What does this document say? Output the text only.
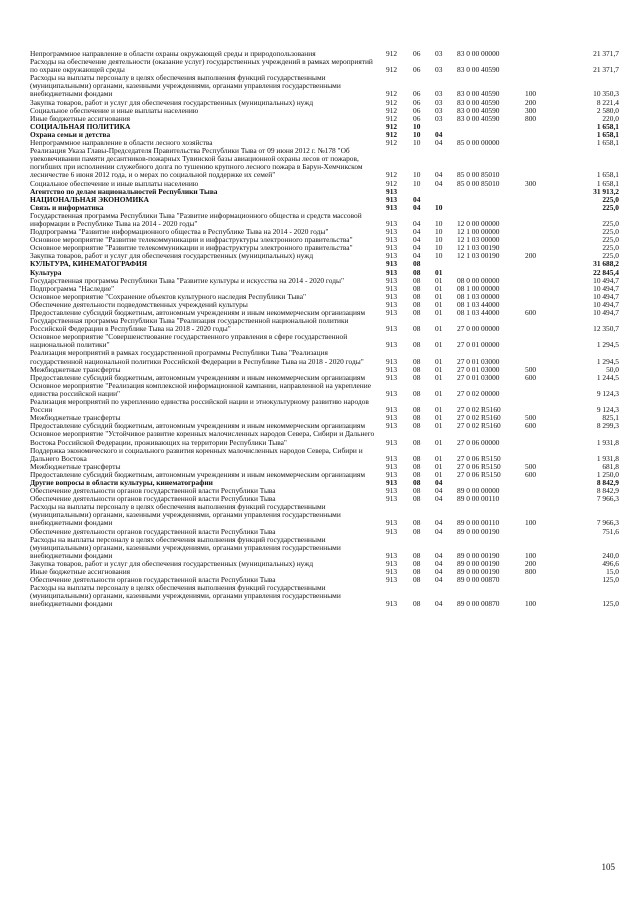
Непрограммное направление в области охраны окружающей среды и природопользования	912	06	03	83 0 00 00000		21 371,7
Расходы на обеспечение деятельности (оказание услуг) государственных учреждений в рамках мероприятий по охране окружающей среды	912	06	03	83 0 00 40590		21 371,7
Расходы на выплаты персоналу в целях обеспечения выполнения функций государственными (муниципальными) органами, казенными учреждениями, органами управления государственными внебюджетными фондами	912	06	03	83 0 00 40590	100	10 350,3
Закупка товаров, работ и услуг для обеспечения государственных (муниципальных) нужд	912	06	03	83 0 00 40590	200	8 221,4
Социальное обеспечение и иные выплаты населению	912	06	03	83 0 00 40590	300	2 580,0
Иные бюджетные ассигнования	912	06	03	83 0 00 40590	800	220,0
СОЦИАЛЬНАЯ ПОЛИТИКА	912	10				1 658,1
Охрана семьи и детства	912	10	04			1 658,1
Непрограммное направление в области лесного хозяйства	912	10	04	85 0 00 00000		1 658,1
Реализация Указа Главы-Председателя Правительства Республики Тыва от 09 июня 2012 г. №178 "Об увековечивании памяти десантников-пожарных Тувинской базы авиационной охраны лесов от пожаров, погибших при исполнении служебного долга по тушению крупного лесного пожара в Барун-Хемчикском лесничестве 6 июня 2012 года, и о мерах по социальной поддержке их семей"	912	10	04	85 0 00 85010		1 658,1
Социальное обеспечение и иные выплаты населению	912	10	04	85 0 00 85010	300	1 658,1
Агентство по делам национальностей Республики Тыва	913					31 913,2
НАЦИОНАЛЬНАЯ ЭКОНОМИКА	913	04				225,0
Связь и информатика	913	04	10			225,0
Государственная программа Республики Тыва "Развитие информационного общества и средств массовой информации в Республике Тыва на 2014 - 2020 годы"	913	04	10	12 0 00 00000		225,0
Подпрограмма "Развитие информационного общества в Республике Тыва на 2014 - 2020 годы"	913	04	10	12 1 00 00000		225,0
Основное мероприятие "Развитие телекоммуникации и инфраструктуры электронного правительства"	913	04	10	12 1 03 00000		225,0
Основное мероприятие "Развитие телекоммуникации и инфраструктуры электронного правительства"	913	04	10	12 1 03 00190		225,0
Закупка товаров, работ и услуг для обеспечения государственных (муниципальных) нужд	913	04	10	12 1 03 00190	200	225,0
КУЛЬТУРА, КИНЕМАТОГРАФИЯ	913	08				31 688,2
Культура	913	08	01			22 845,4
Государственная программа Республики Тыва "Развитие культуры и искусства на 2014 - 2020 годы"	913	08	01	08 0 00 00000		10 494,7
Подпрограмма "Наследие"	913	08	01	08 1 00 00000		10 494,7
Основное мероприятие "Сохранение объектов культурного наследия Республики Тыва"	913	08	01	08 1 03 00000		10 494,7
Обеспечение деятельности подведомственных учреждений культуры	913	08	01	08 1 03 44000		10 494,7
Предоставление субсидий бюджетным, автономным учреждениям и иным некоммерческим организациям	913	08	01	08 1 03 44000	600	10 494,7
Государственная программа Республики Тыва "Реализация государственной национальной политики Российской Федерации в Республике Тыва на 2018 - 2020 годы"	913	08	01	27 0 00 00000		12 350,7
Основное мероприятие "Совершенствование государственного управления в сфере государственной национальной политики"	913	08	01	27 0 01 00000		1 294,5
Реализация мероприятий в рамках государственной программы Республики Тыва "Реализация государственной национальной политики Российской Федерации в Республике Тыва на 2018 - 2020 годы"	913	08	01	27 0 01 03000		1 294,5
Межбюджетные трансферты	913	08	01	27 0 01 03000	500	50,0
Предоставление субсидий бюджетным, автономным учреждениям и иным некоммерческим организациям	913	08	01	27 0 01 03000	600	1 244,5
Основное мероприятие "Реализация комплексной информационной кампании, направленной на укрепление единства российской нации"	913	08	01	27 0 02 00000		9 124,3
Реализация мероприятий по укреплению единства российской нации и этнокультурному развитию народов России	913	08	01	27 0 02 R5160		9 124,3
Межбюджетные трансферты	913	08	01	27 0 02 R5160	500	825,1
Предоставление субсидий бюджетным, автономным учреждениям и иным некоммерческим организациям	913	08	01	27 0 02 R5160	600	8 299,3
Основное мероприятие "Устойчивое развитие коренных малочисленных народов Севера, Сибири и Дальнего Востока Российской Федерации, проживающих на территории Республики Тыва"	913	08	01	27 0 06 00000		1 931,8
Поддержка экономического и социального развития коренных малочисленных народов Севера, Сибири и Дальнего Востока	913	08	01	27 0 06 R5150		1 931,8
Межбюджетные трансферты	913	08	01	27 0 06 R5150	500	681,8
Предоставление субсидий бюджетным, автономным учреждениям и иным некоммерческим организациям	913	08	01	27 0 06 R5150	600	1 250,0
Другие вопросы в области культуры, кинематографии	913	08	04			8 842,9
Обеспечение деятельности органов государственной власти Республики Тыва	913	08	04	89 0 00 00000		8 842,9
Обеспечение деятельности органов государственной власти Республики Тыва	913	08	04	89 0 00 00110		7 966,3
Расходы на выплаты персоналу в целях обеспечения выполнения функций государственными (муниципальными) органами, казенными учреждениями, органами управления государственными внебюджетными фондами	913	08	04	89 0 00 00110	100	7 966,3
Обеспечение деятельности органов государственной власти Республики Тыва	913	08	04	89 0 00 00190		751,6
Расходы на выплаты персоналу в целях обеспечения выполнения функций государственными (муниципальными) органами, казенными учреждениями, органами управления государственными внебюджетными фондами	913	08	04	89 0 00 00190	100	240,0
Закупка товаров, работ и услуг для обеспечения государственных (муниципальных) нужд	913	08	04	89 0 00 00190	200	496,6
Иные бюджетные ассигнования	913	08	04	89 0 00 00190	800	15,0
Обеспечение деятельности органов государственной власти Республики Тыва	913	08	04	89 0 00 00870		125,0
Расходы на выплаты персоналу в целях обеспечения выполнения функций государственными (муниципальными) органами, казенными учреждениями, органами управления государственными внебюджетными фондами	913	08	04	89 0 00 00870	100	125,0
105
